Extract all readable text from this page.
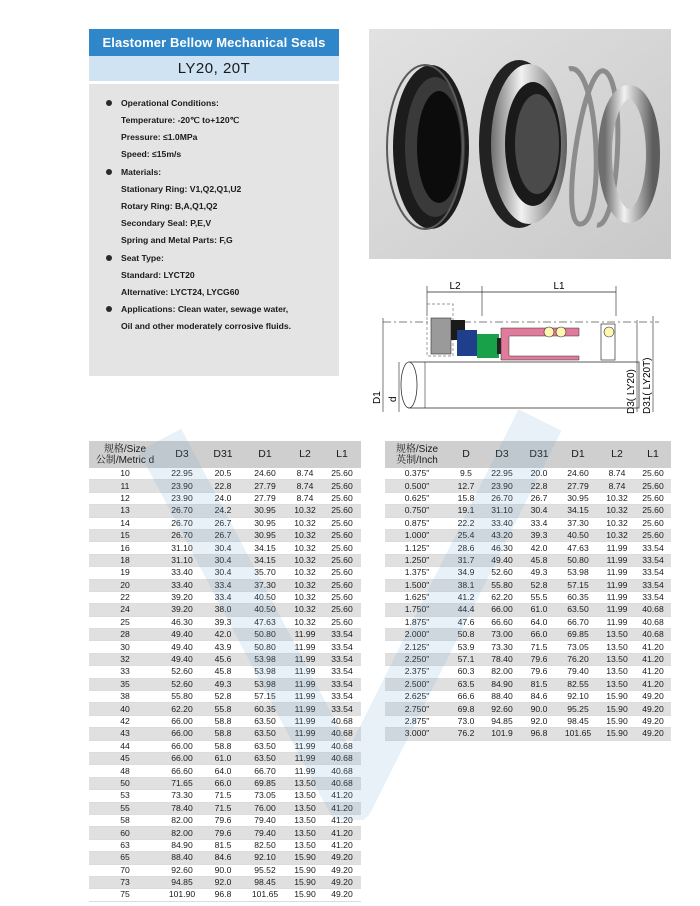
Elastomer Bellow Mechanical Seals
LY20, 20T
Operational Conditions:
Temperature: -20℃ to+120℃
Pressure: ≤1.0MPa
Speed: ≤15m/s
Materials:
Stationary Ring: V1,Q2,Q1,U2
Rotary Ring: B,A,Q1,Q2
Secondary Seal: P,E,V
Spring and Metal Parts: F,G
Seat Type:
Standard: LYCT20
Alternative: LYCT24, LYCG60
Applications: Clean water, sewage water,
Oil and other moderately corrosive fluids.
L2	L1
D1 d	D3( LY20) D31( LY20T)
规格/Size
公制/Metric d	D3	D31	D1	L2	L1
10	22.95	20.5	24.60	8.74	25.60
11	23.90	22.8	27.79	8.74	25.60
12	23.90	24.0	27.79	8.74	25.60
13	26.70	24.2	30.95	10.32	25.60
14	26.70	26.7	30.95	10.32	25.60
15	26.70	26.7	30.95	10.32	25.60
16	31.10	30.4	34.15	10.32	25.60
18	31.10	30.4	34.15	10.32	25.60
19	33.40	30.4	35.70	10.32	25.60
20	33.40	33.4	37.30	10.32	25.60
22	39.20	33.4	40.50	10.32	25.60
24	39.20	38.0	40.50	10.32	25.60
25	46.30	39.3	47.63	10.32	25.60
28	49.40	42.0	50.80	11.99	33.54
30	49.40	43.9	50.80	11.99	33.54
32	49.40	45.6	53.98	11.99	33.54
33	52.60	45.8	53.98	11.99	33.54
35	52.60	49.3	53.98	11.99	33.54
38	55.80	52.8	57.15	11.99	33.54
40	62.20	55.8	60.35	11.99	33.54
42	66.00	58.8	63.50	11.99	40.68
43	66.00	58.8	63.50	11.99	40.68
44	66.00	58.8	63.50	11.99	40.68
45	66.00	61.0	63.50	11.99	40.68
48	66.60	64.0	66.70	11.99	40.68
50	71.65	66.0	69.85	13.50	40.68
53	73.30	71.5	73.05	13.50	41.20
55	78.40	71.5	76.00	13.50	41.20
58	82.00	79.6	79.40	13.50	41.20
60	82.00	79.6	79.40	13.50	41.20
63	84.90	81.5	82.50	13.50	41.20
65	88.40	84.6	92.10	15.90	49.20
70	92.60	90.0	95.52	15.90	49.20
73	94.85	92.0	98.45	15.90	49.20
75	101.90	96.8	101.65	15.90	49.20
规格/Size
英制/Inch	D	D3	D31	D1	L2	L1
0.375"	9.5	22.95	20.0	24.60	8.74	25.60
0.500"	12.7	23.90	22.8	27.79	8.74	25.60
0.625"	15.8	26.70	26.7	30.95	10.32	25.60
0.750"	19.1	31.10	30.4	34.15	10.32	25.60
0.875"	22.2	33.40	33.4	37.30	10.32	25.60
1.000"	25.4	43.20	39.3	40.50	10.32	25.60
1.125"	28.6	46.30	42.0	47.63	11.99	33.54
1.250"	31.7	49.40	45.8	50.80	11.99	33.54
1.375"	34.9	52.60	49.3	53.98	11.99	33.54
1.500"	38.1	55.80	52.8	57.15	11.99	33.54
1.625"	41.2	62.20	55.5	60.35	11.99	33.54
1.750"	44.4	66.00	61.0	63.50	11.99	40.68
1.875"	47.6	66.60	64.0	66.70	11.99	40.68
2.000"	50.8	73.00	66.0	69.85	13.50	40.68
2.125"	53.9	73.30	71.5	73.05	13.50	41.20
2.250"	57.1	78.40	79.6	76.20	13.50	41.20
2.375"	60.3	82.00	79.6	79.40	13.50	41.20
2.500"	63.5	84.90	81.5	82.55	13.50	41.20
2.625"	66.6	88.40	84.6	92.10	15.90	49.20
2.750"	69.8	92.60	90.0	95.25	15.90	49.20
2.875"	73.0	94.85	92.0	98.45	15.90	49.20
3.000"	76.2	101.9	96.8	101.65	15.90	49.20
